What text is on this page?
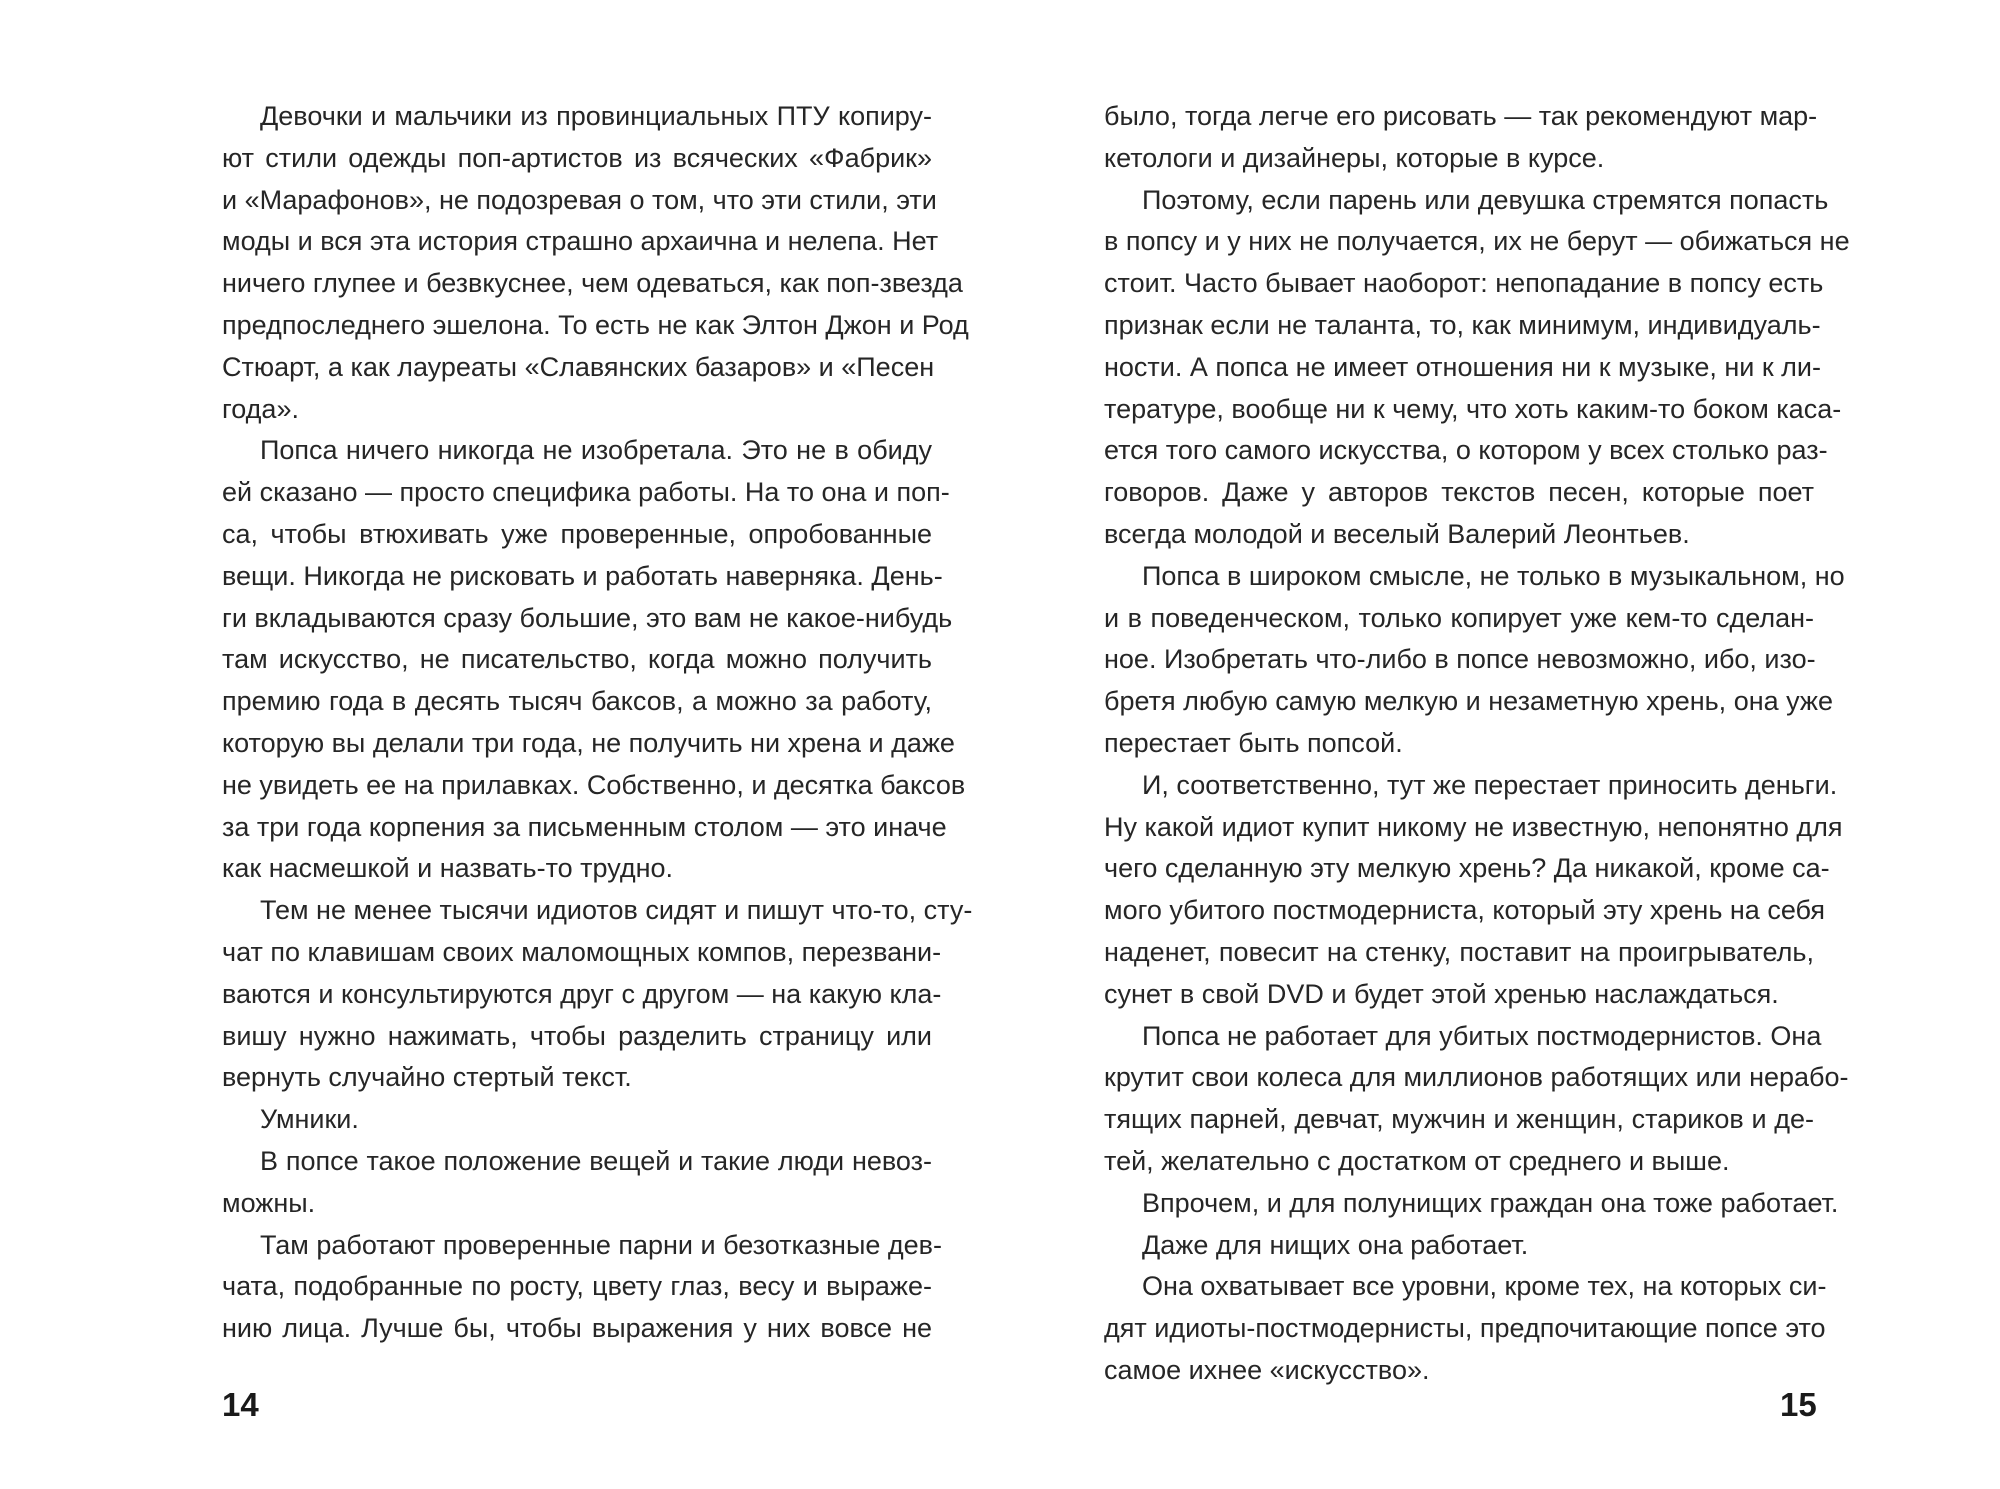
Девочки и мальчики из провинциальных ПТУ копиру-
ют стили одежды поп-артистов из всяческих «Фабрик»
и «Марафонов», не подозревая о том, что эти стили, эти
моды и вся эта история страшно архаична и нелепа. Нет
ничего глупее и безвкуснее, чем одеваться, как поп-звезда
предпоследнего эшелона. То есть не как Элтон Джон и Род
Стюарт, а как лауреаты «Славянских базаров» и «Песен
года».
Попса ничего никогда не изобретала. Это не в обиду
ей сказано — просто специфика работы. На то она и поп-
са, чтобы втюхивать уже проверенные, опробованные
вещи. Никогда не рисковать и работать наверняка. День-
ги вкладываются сразу большие, это вам не какое-нибудь
там искусство, не писательство, когда можно получить
премию года в десять тысяч баксов, а можно за работу,
которую вы делали три года, не получить ни хрена и даже
не увидеть ее на прилавках. Собственно, и десятка баксов
за три года корпения за письменным столом — это иначе
как насмешкой и назвать-то трудно.
Тем не менее тысячи идиотов сидят и пишут что-то, сту-
чат по клавишам своих маломощных компов, перезвани-
ваются и консультируются друг с другом — на какую кла-
вишу нужно нажимать, чтобы разделить страницу или
вернуть случайно стертый текст.
Умники.
В попсе такое положение вещей и такие люди невоз-
можны.
Там работают проверенные парни и безотказные дев-
чата, подобранные по росту, цвету глаз, весу и выраже-
нию лица. Лучше бы, чтобы выражения у них вовсе не
было, тогда легче его рисовать — так рекомендуют мар-
кетологи и дизайнеры, которые в курсе.
Поэтому, если парень или девушка стремятся попасть
в попсу и у них не получается, их не берут — обижаться не
стоит. Часто бывает наоборот: непопадание в попсу есть
признак если не таланта, то, как минимум, индивидуаль-
ности. А попса не имеет отношения ни к музыке, ни к ли-
тературе, вообще ни к чему, что хоть каким-то боком каса-
ется того самого искусства, о котором у всех столько раз-
говоров. Даже у авторов текстов песен, которые поет
всегда молодой и веселый Валерий Леонтьев.
Попса в широком смысле, не только в музыкальном, но
и в поведенческом, только копирует уже кем-то сделан-
ное. Изобретать что-либо в попсе невозможно, ибо, изо-
бретя любую самую мелкую и незаметную хрень, она уже
перестает быть попсой.
И, соответственно, тут же перестает приносить деньги.
Ну какой идиот купит никому не известную, непонятно для
чего сделанную эту мелкую хрень? Да никакой, кроме са-
мого убитого постмодерниста, который эту хрень на себя
наденет, повесит на стенку, поставит на проигрыватель,
сунет в свой DVD и будет этой хренью наслаждаться.
Попса не работает для убитых постмодернистов. Она
крутит свои колеса для миллионов работящих или нерабо-
тящих парней, девчат, мужчин и женщин, стариков и де-
тей, желательно с достатком от среднего и выше.
Впрочем, и для полунищих граждан она тоже работает.
Даже для нищих она работает.
Она охватывает все уровни, кроме тех, на которых си-
дят идиоты-постмодернисты, предпочитающие попсе это
самое ихнее «искусство».
14	15
